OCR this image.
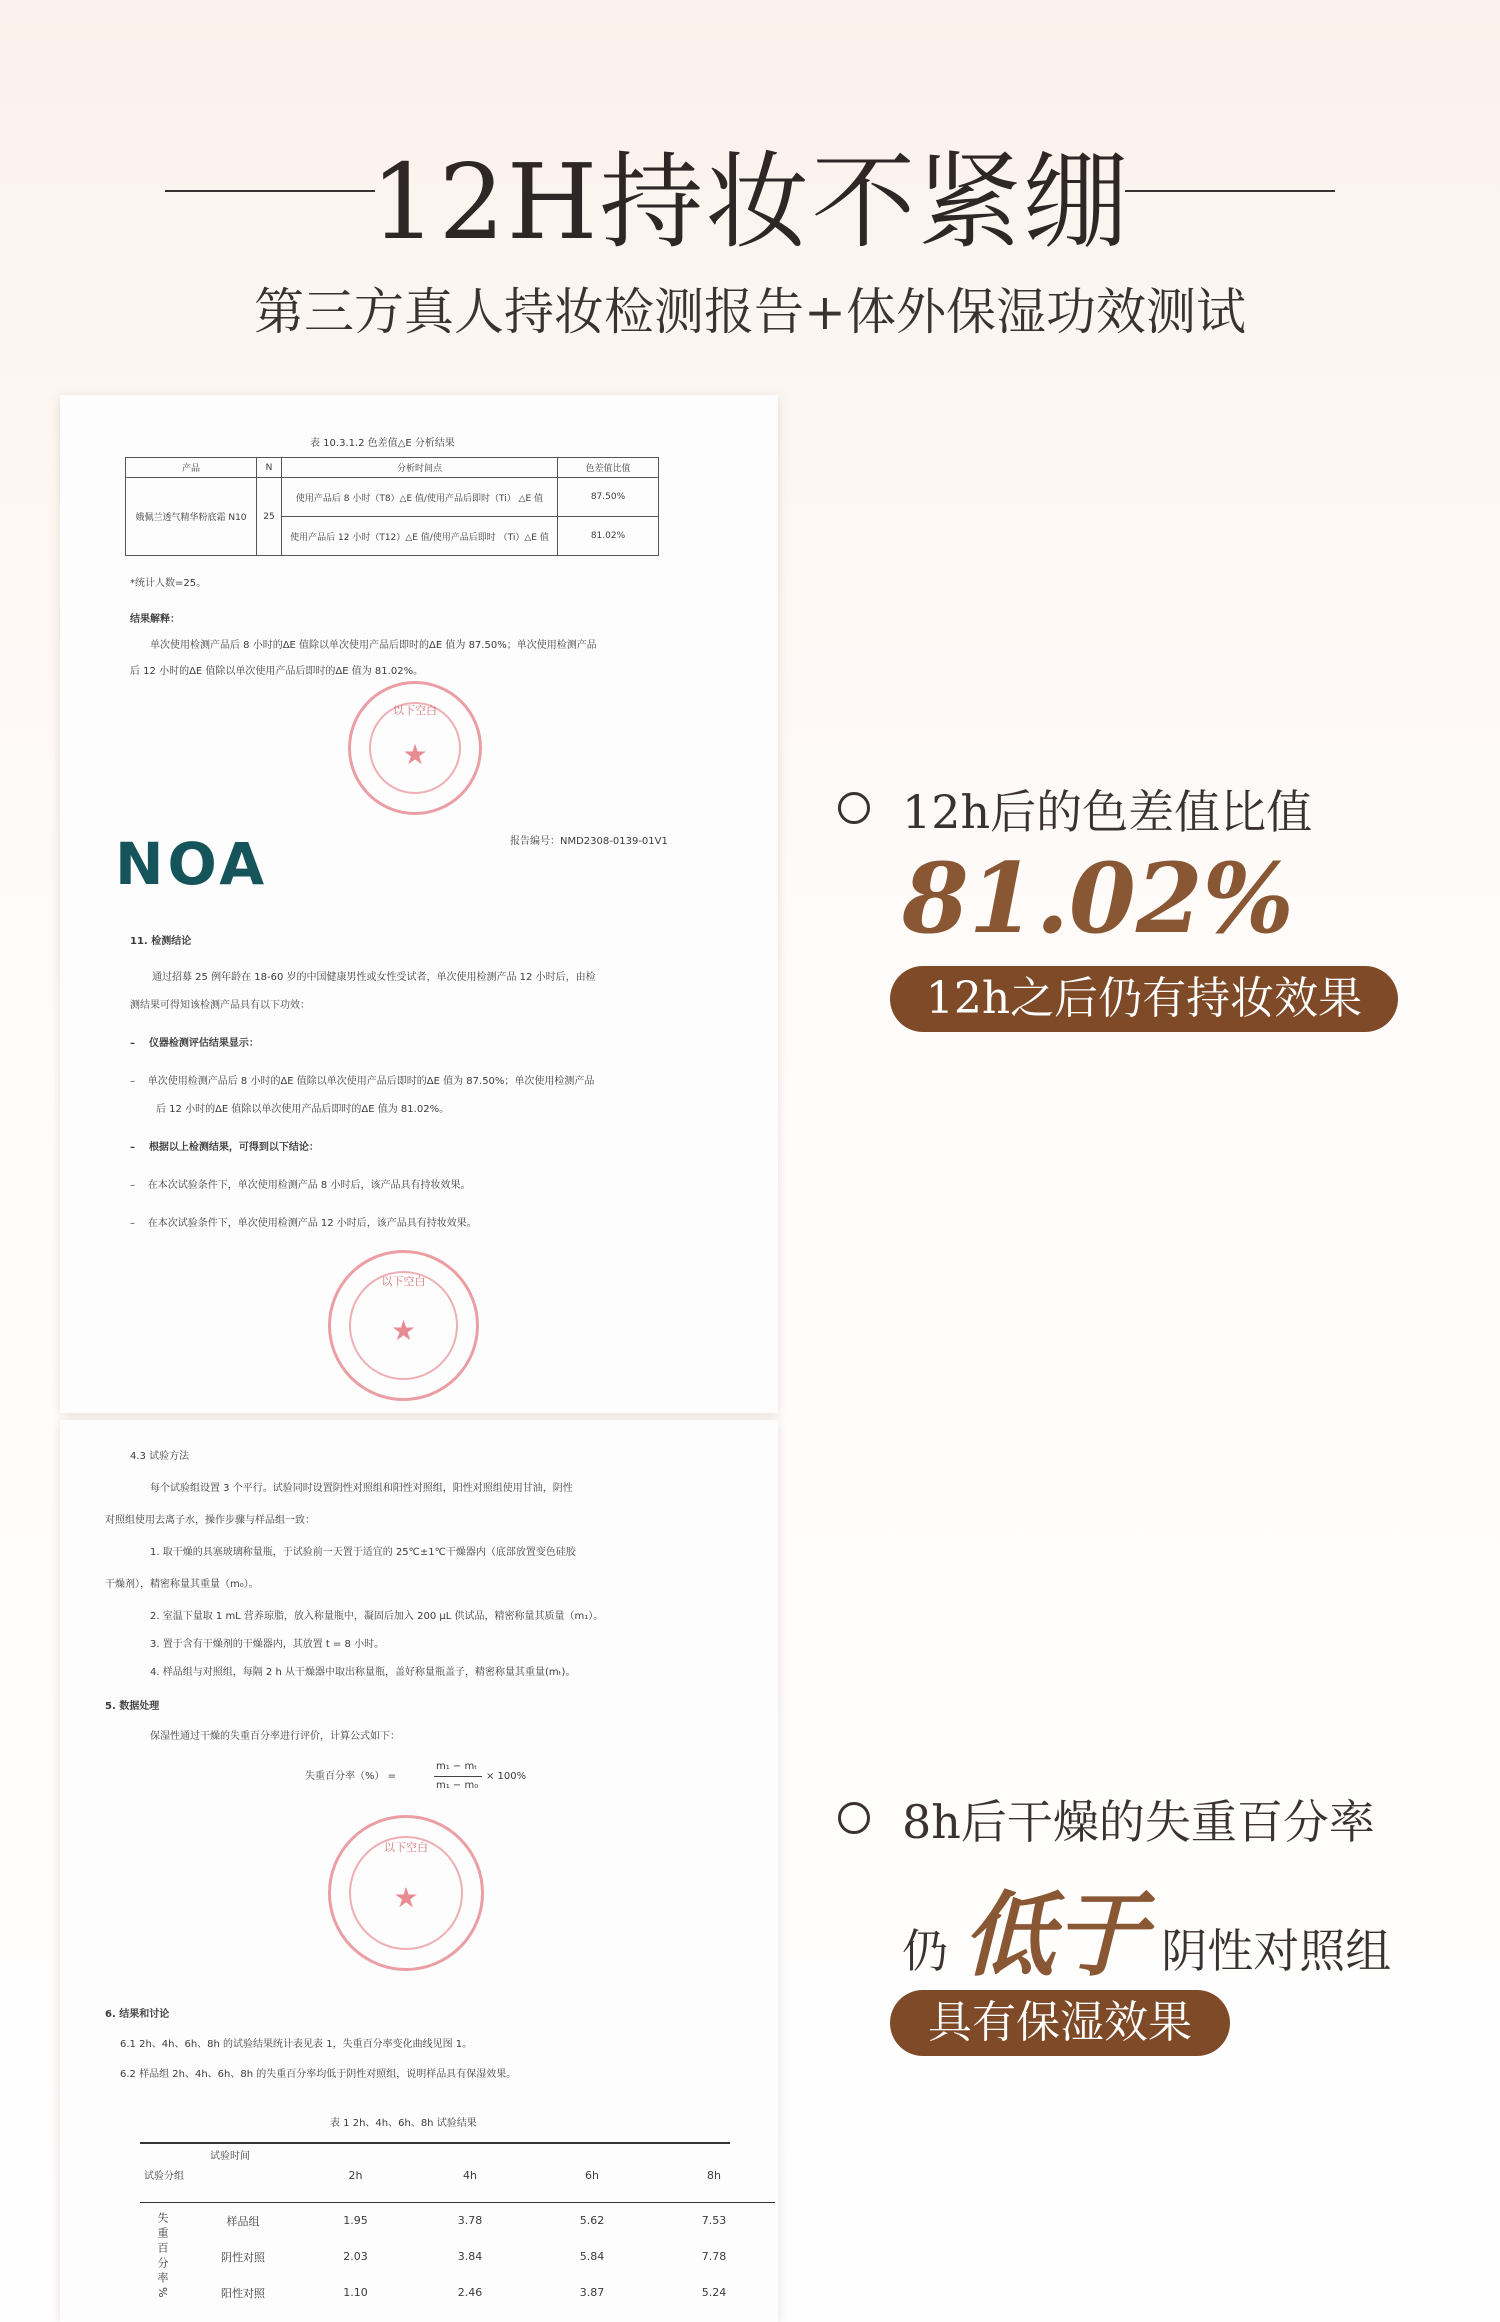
12H持妆不紧绷
第三方真人持妆检测报告+体外保湿功效测试
表 10.3.1.2 色差值△E 分析结果
产品	N	分析时间点	色差值比值
娥佩兰透气精华粉底霜 N10	25	使用产品后 8 小时（T8）△E 值/使用产品后即时（Ti） △E 值	87.50%
		使用产品后 12 小时（T12）△E 值/使用产品后即时 （Ti）△E 值	81.02%
*统计人数=25。
结果解释：
单次使用检测产品后 8 小时的ΔE 值除以单次使用产品后即时的ΔE 值为 87.50%；单次使用检测产品
后 12 小时的ΔE 值除以单次使用产品后即时的ΔE 值为 81.02%。
以下空白
★
NOA	报告编号：NMD2308-0139-01V1
11. 检测结论
通过招募 25 例年龄在 18-60 岁的中国健康男性或女性受试者，单次使用检测产品 12 小时后，由检
测结果可得知该检测产品具有以下功效：
–    仪器检测评估结果显示：
–    单次使用检测产品后 8 小时的ΔE 值除以单次使用产品后即时的ΔE 值为 87.50%；单次使用检测产品
后 12 小时的ΔE 值除以单次使用产品后即时的ΔE 值为 81.02%。
–    根据以上检测结果，可得到以下结论：
–    在本次试验条件下，单次使用检测产品 8 小时后，该产品具有持妆效果。
–    在本次试验条件下，单次使用检测产品 12 小时后，该产品具有持妆效果。
以下空白
★
4.3 试验方法
每个试验组设置 3 个平行。试验同时设置阴性对照组和阳性对照组，阳性对照组使用甘油，阴性
对照组使用去离子水，操作步骤与样品组一致：
1. 取干燥的具塞玻璃称量瓶，于试验前一天置于适宜的 25℃±1℃干燥器内（底部放置变色硅胶
干燥剂），精密称量其重量（m₀）。
2. 室温下量取 1 mL 营养琼脂，放入称量瓶中，凝固后加入 200 μL 供试品，精密称量其质量（m₁）。
3. 置于含有干燥剂的干燥器内，其放置 t = 8 小时。
4. 样品组与对照组，每隔 2 h 从干燥器中取出称量瓶，盖好称量瓶盖子，精密称量其重量(mₜ)。
5. 数据处理
保湿性通过干燥的失重百分率进行评价，计算公式如下：
失重百分率（%） =
m₁ − mₜ
m₁ − m₀
× 100%
以下空白
★
6. 结果和讨论
6.1 2h、4h、6h、8h 的试验结果统计表见表 1，失重百分率变化曲线见图 1。
6.2 样品组 2h、4h、6h、8h 的失重百分率均低于阴性对照组，说明样品具有保湿效果。
表 1 2h、4h、6h、8h 试验结果
试验时间
试验分组		2h	4h	6h	8h
失重百分率%	样品组	1.95	3.78	5.62	7.53
	阴性对照	2.03	3.84	5.84	7.78
	阳性对照	1.10	2.46	3.87	5.24
12h后的色差值比值
81.02%
12h之后仍有持妆效果
8h后干燥的失重百分率
仍 低于 阴性对照组
具有保湿效果
